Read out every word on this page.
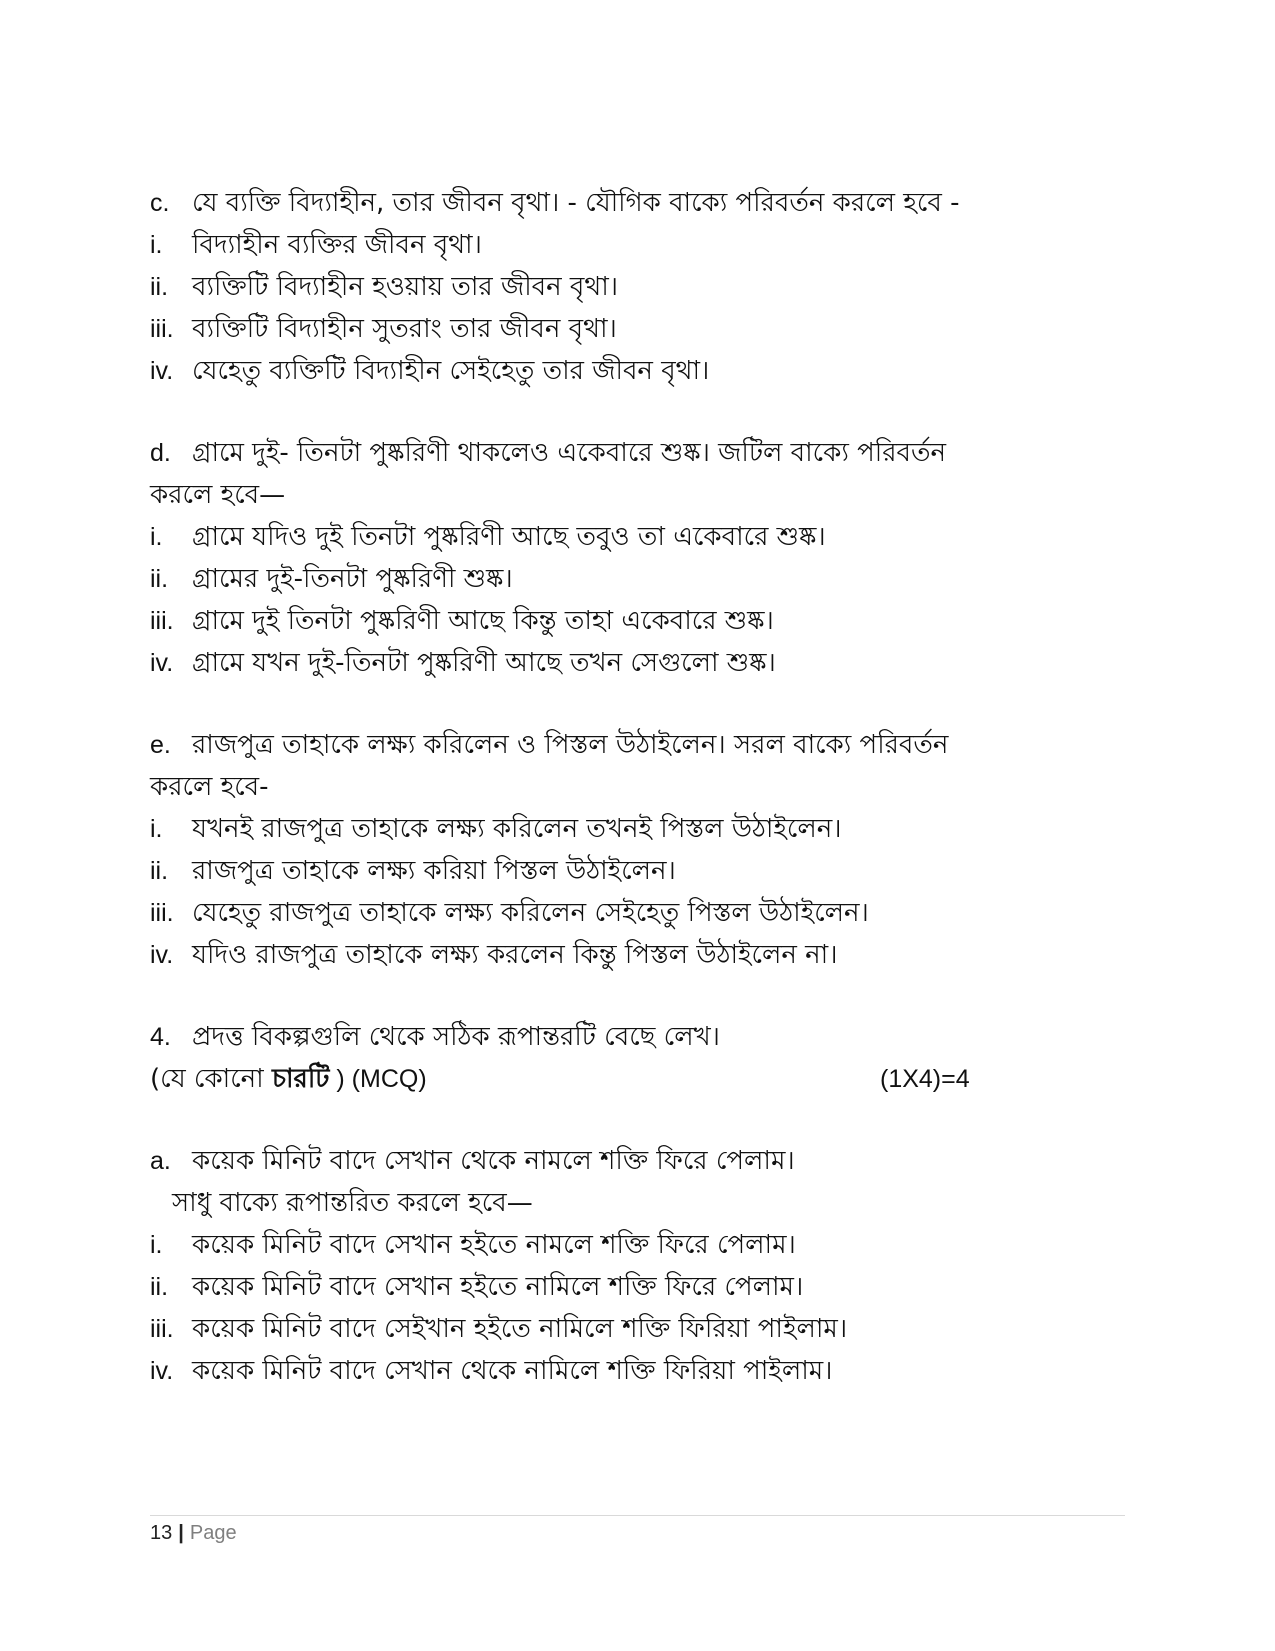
c. যে ব্যক্তি বিদ্যাহীন, তার জীবন বৃথা। - যৌগিক বাক্যে পরিবর্তন করলে হবে -
i. বিদ্যাহীন ব্যক্তির জীবন বৃথা।
ii. ব্যক্তিটি বিদ্যাহীন হওয়ায় তার জীবন বৃথা।
iii. ব্যক্তিটি বিদ্যাহীন সুতরাং তার জীবন বৃথা।
iv. যেহেতু ব্যক্তিটি বিদ্যাহীন সেইহেতু তার জীবন বৃথা।
d. গ্রামে দুই- তিনটা পুষ্করিণী থাকলেও একেবারে শুষ্ক। জটিল বাক্যে পরিবর্তন
করলে হবে—
i. গ্রামে যদিও দুই তিনটা পুষ্করিণী আছে তবুও তা একেবারে শুষ্ক।
ii. গ্রামের দুই-তিনটা পুষ্করিণী শুষ্ক।
iii. গ্রামে দুই তিনটা পুষ্করিণী আছে কিন্তু তাহা একেবারে শুষ্ক।
iv. গ্রামে যখন দুই-তিনটা পুষ্করিণী আছে তখন সেগুলো শুষ্ক।
e. রাজপুত্র তাহাকে লক্ষ্য করিলেন ও পিস্তল উঠাইলেন। সরল বাক্যে পরিবর্তন
করলে হবে-
i. যখনই রাজপুত্র তাহাকে লক্ষ্য করিলেন তখনই পিস্তল উঠাইলেন।
ii. রাজপুত্র তাহাকে লক্ষ্য করিয়া পিস্তল উঠাইলেন।
iii. যেহেতু রাজপুত্র তাহাকে লক্ষ্য করিলেন সেইহেতু পিস্তল উঠাইলেন।
iv. যদিও রাজপুত্র তাহাকে লক্ষ্য করলেন কিন্তু পিস্তল উঠাইলেন না।
4. প্রদত্ত বিকল্পগুলি থেকে সঠিক রূপান্তরটি বেছে লেখ।
(যে কোনো চারটি ) (MCQ)	(1X4)=4
a. কয়েক মিনিট বাদে সেখান থেকে নামলে শক্তি ফিরে পেলাম।
সাধু বাক্যে রূপান্তরিত করলে হবে—
i. কয়েক মিনিট বাদে সেখান হইতে নামলে শক্তি ফিরে পেলাম।
ii. কয়েক মিনিট বাদে সেখান হইতে নামিলে শক্তি ফিরে পেলাম।
iii. কয়েক মিনিট বাদে সেইখান হইতে নামিলে শক্তি ফিরিয়া পাইলাম।
iv. কয়েক মিনিট বাদে সেখান থেকে নামিলে শক্তি ফিরিয়া পাইলাম।
13 | Page
